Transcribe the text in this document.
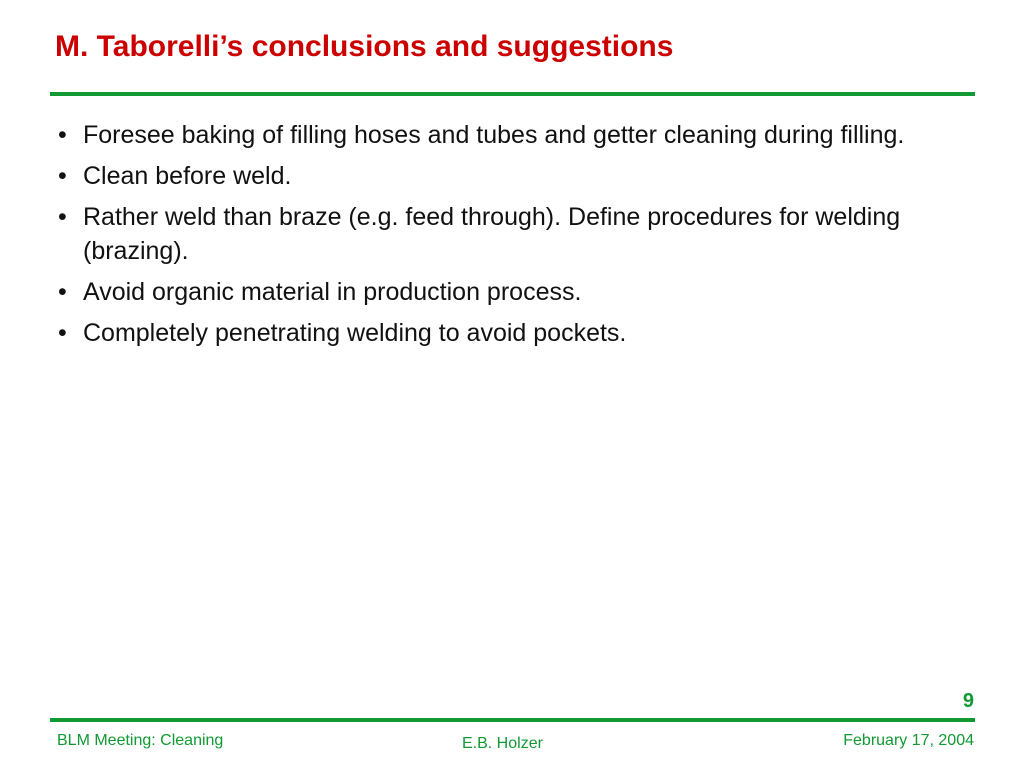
M. Taborelli’s conclusions and suggestions
• Foresee baking of filling hoses and tubes and getter cleaning during filling.
• Clean before weld.
• Rather weld than braze (e.g. feed through). Define procedures for welding (brazing).
• Avoid organic material in production process.
• Completely penetrating welding to avoid pockets.
9
BLM Meeting: Cleaning	E.B. Holzer	February 17, 2004
